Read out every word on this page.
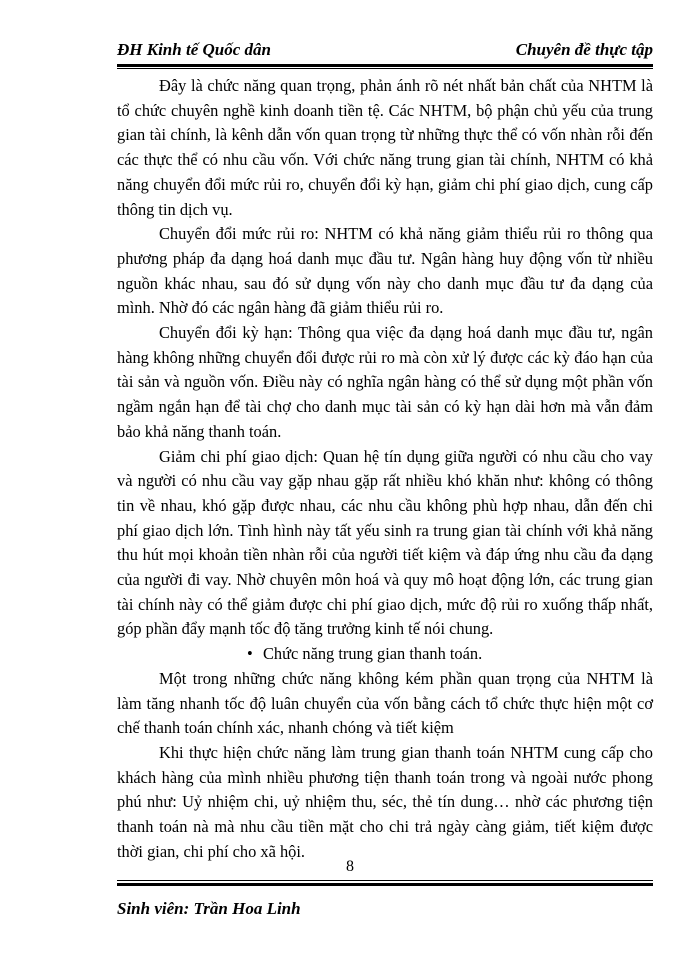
ĐH Kinh tế Quốc dân	Chuyên đề thực tập

Đây là chức năng quan trọng, phản ánh rõ nét nhất bản chất của NHTM là tổ chức chuyên nghề kinh doanh tiền tệ. Các NHTM, bộ phận chủ yếu của trung gian tài chính, là kênh dẫn vốn quan trọng từ những thực thể có vốn nhàn rỗi đến các thực thể có nhu cầu vốn. Với chức năng trung gian tài chính, NHTM có khả năng chuyển đổi mức rủi ro, chuyển đổi kỳ hạn, giảm chi phí giao dịch, cung cấp thông tin dịch vụ.

Chuyển đổi mức rủi ro: NHTM có khả năng giảm thiểu rủi ro thông qua phương pháp đa dạng hoá danh mục đầu tư. Ngân hàng huy động vốn từ nhiều nguồn khác nhau, sau đó sử dụng vốn này cho danh mục đầu tư đa dạng của mình. Nhờ đó các ngân hàng đã giảm thiểu rủi ro.

Chuyển đổi kỳ hạn: Thông qua việc đa dạng hoá danh mục đầu tư, ngân hàng không những chuyển đổi được rủi ro mà còn xử lý được các kỳ đáo hạn của tài sản và nguồn vốn. Điều này có nghĩa ngân hàng có thể sử dụng một phần vốn ngầm ngắn hạn để tài chợ cho danh mục tài sản có kỳ hạn dài hơn mà vẫn đảm bảo khả năng thanh toán.

Giảm chi phí giao dịch: Quan hệ tín dụng giữa người có nhu cầu cho vay và người có nhu cầu vay gặp nhau gặp rất nhiều khó khăn như: không có thông tin về nhau, khó gặp được nhau, các nhu cầu không phù hợp nhau, dẫn đến chi phí giao dịch lớn. Tình hình này tất yếu sinh ra trung gian tài chính với khả năng thu hút mọi khoản tiền nhàn rỗi của người tiết kiệm và đáp ứng nhu cầu đa dạng của người đi vay. Nhờ chuyên môn hoá và quy mô hoạt động lớn, các trung gian tài chính này có thể giảm được chi phí giao dịch, mức độ rủi ro xuống thấp nhất, góp phần đẩy mạnh tốc độ tăng trưởng kinh tế nói chung.

• Chức năng trung gian thanh toán.

Một trong những chức năng không kém phần quan trọng của NHTM là làm tăng nhanh tốc độ luân chuyển của vốn bằng cách tổ chức thực hiện một cơ chế thanh toán chính xác, nhanh chóng và tiết kiệm

Khi thực hiện chức năng làm trung gian thanh toán NHTM cung cấp cho khách hàng của mình nhiều phương tiện thanh toán trong và ngoài nước phong phú như: Uỷ nhiệm chi, uỷ nhiệm thu, séc, thẻ tín dung… nhờ các phương tiện thanh toán nà mà nhu cầu tiền mặt cho chi trả ngày càng giảm, tiết kiệm được thời gian, chi phí cho xã hội.

8
Sinh viên: Trần Hoa Linh
